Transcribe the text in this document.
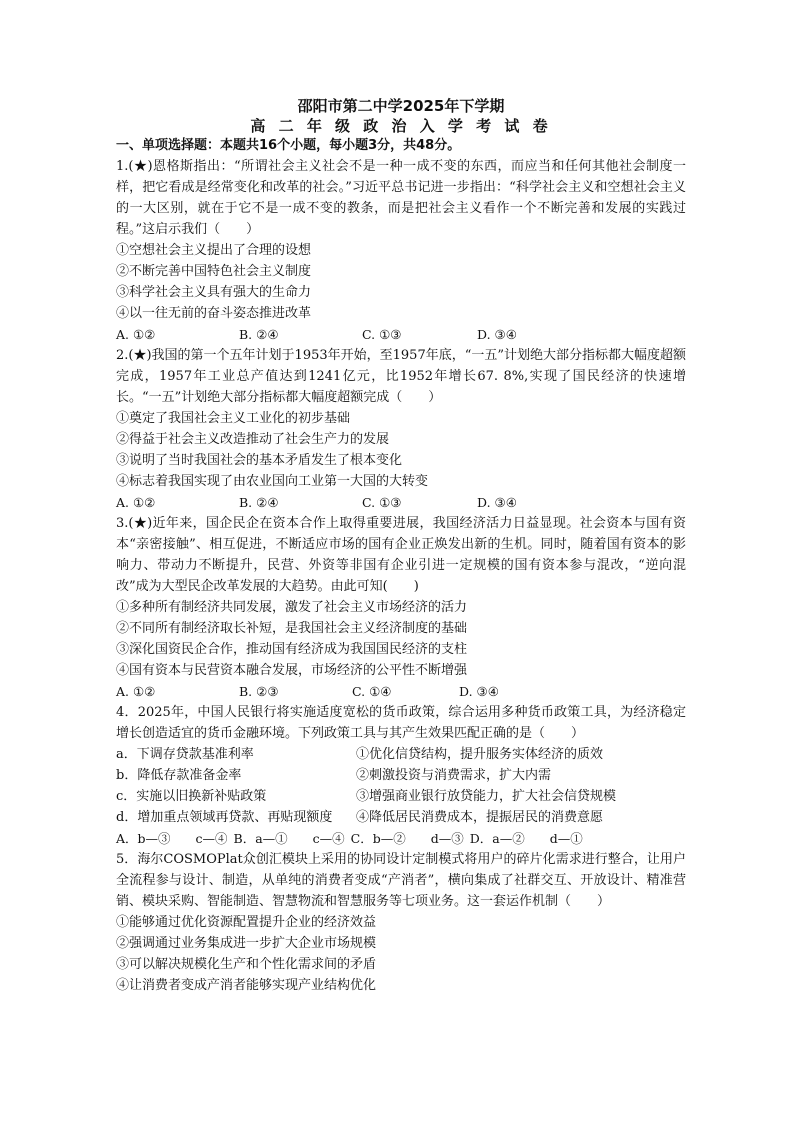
邵阳市第二中学2025年下学期

高 二 年 级 政 治 入 学 考 试 卷

一、单项选择题：本题共16个小题，每小题3分，共48分。

1.(★)恩格斯指出：“所谓社会主义社会不是一种一成不变的东西，而应当和任何其他社会制度一样，把它看成是经常变化和改革的社会。”习近平总书记进一步指出：“科学社会主义和空想社会主义的一大区别，就在于它不是一成不变的教条，而是把社会主义看作一个不断完善和发展的实践过程。”这启示我们（　　）

①空想社会主义提出了合理的设想

②不断完善中国特色社会主义制度

③科学社会主义具有强大的生命力

④以一往无前的奋斗姿态推进改革

A. ①②	B. ②④	C. ①③	D. ③④

2.(★)我国的第一个五年计划于1953年开始，至1957年底，“一五”计划绝大部分指标都大幅度超额完成，1957年工业总产值达到1241亿元，比1952年增长67. 8%,实现了国民经济的快速增长。“一五”计划绝大部分指标都大幅度超额完成（　　）

①奠定了我国社会主义工业化的初步基础

②得益于社会主义改造推动了社会生产力的发展

③说明了当时我国社会的基本矛盾发生了根本变化

④标志着我国实现了由农业国向工业第一大国的大转变

A. ①②	B. ②④	C. ①③	D. ③④

3.(★)近年来，国企民企在资本合作上取得重要进展，我国经济活力日益显现。社会资本与国有资本“亲密接触”、相互促进，不断适应市场的国有企业正焕发出新的生机。同时，随着国有资本的影响力、带动力不断提升，民营、外资等非国有企业引进一定规模的国有资本参与混改，“逆向混改”成为大型民企改革发展的大趋势。由此可知(　　)

①多种所有制经济共同发展，激发了社会主义市场经济的活力

②不同所有制经济取长补短，是我国社会主义经济制度的基础

③深化国资民企合作，推动国有经济成为我国国民经济的支柱

④国有资本与民营资本融合发展，市场经济的公平性不断增强

A. ①②	B. ②③	C. ①④	D. ③④

4．2025年，中国人民银行将实施适度宽松的货币政策，综合运用多种货币政策工具，为经济稳定增长创造适宜的货币金融环境。下列政策工具与其产生效果匹配正确的是（　　）

a．下调存贷款基准利率	①优化信贷结构，提升服务实体经济的质效
b．降低存款准备金率	②刺激投资与消费需求，扩大内需
c．实施以旧换新补贴政策	③增强商业银行放贷能力，扩大社会信贷规模
d．增加重点领域再贷款、再贴现额度	④降低居民消费成本，提振居民的消费意愿
A．b—③　　c—④ B．a—①　　c—④ C．b—②　　d—③ D．a—②　　d—①

5．海尔COSMOPlat众创汇模块上采用的协同设计定制模式将用户的碎片化需求进行整合，让用户全流程参与设计、制造，从单纯的消费者变成“产消者”，横向集成了社群交互、开放设计、精准营销、模块采购、智能制造、智慧物流和智慧服务等七项业务。这一套运作机制（　　）

①能够通过优化资源配置提升企业的经济效益

②强调通过业务集成进一步扩大企业市场规模

③可以解决规模化生产和个性化需求间的矛盾

④让消费者变成产消者能够实现产业结构优化
